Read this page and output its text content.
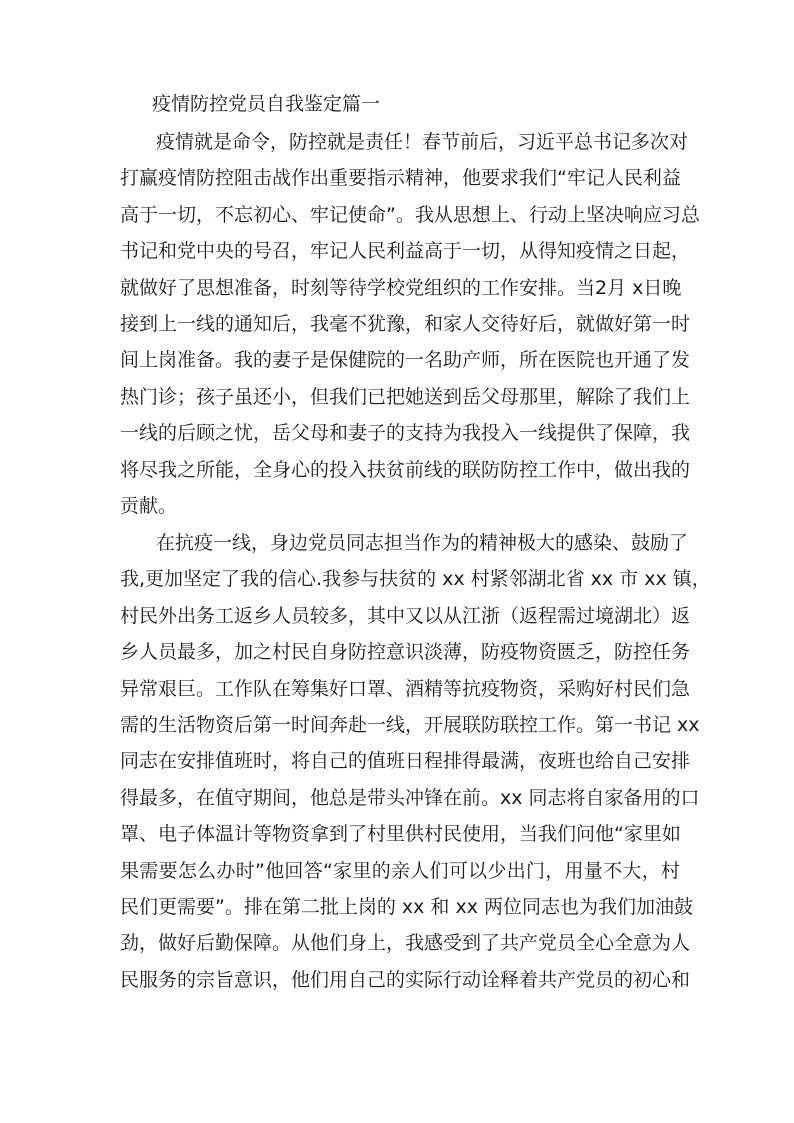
疫情防控党员自我鉴定篇一
疫情就是命令，防控就是责任！春节前后，习近平总书记多次对
打赢疫情防控阻击战作出重要指示精神，他要求我们“牢记人民利益
高于一切，不忘初心、牢记使命”。我从思想上、行动上坚决响应习总
书记和党中央的号召，牢记人民利益高于一切，从得知疫情之日起，
就做好了思想准备，时刻等待学校党组织的工作安排。当2月 x日晚
接到上一线的通知后，我毫不犹豫，和家人交待好后，就做好第一时
间上岗准备。我的妻子是保健院的一名助产师，所在医院也开通了发
热门诊；孩子虽还小，但我们已把她送到岳父母那里，解除了我们上
一线的后顾之忧，岳父母和妻子的支持为我投入一线提供了保障，我
将尽我之所能，全身心的投入扶贫前线的联防防控工作中，做出我的
贡献。
在抗疫一线，身边党员同志担当作为的精神极大的感染、鼓励了
我,更加坚定了我的信心.我参与扶贫的 xx 村紧邻湖北省 xx 市 xx 镇，
村民外出务工返乡人员较多，其中又以从江浙（返程需过境湖北）返
乡人员最多，加之村民自身防控意识淡薄，防疫物资匮乏，防控任务
异常艰巨。工作队在筹集好口罩、酒精等抗疫物资，采购好村民们急
需的生活物资后第一时间奔赴一线，开展联防联控工作。第一书记 xx
同志在安排值班时，将自己的值班日程排得最满，夜班也给自己安排
得最多，在值守期间，他总是带头冲锋在前。xx 同志将自家备用的口
罩、电子体温计等物资拿到了村里供村民使用，当我们问他“家里如
果需要怎么办时”他回答“家里的亲人们可以少出门，用量不大，村
民们更需要”。排在第二批上岗的 xx 和 xx 两位同志也为我们加油鼓
劲，做好后勤保障。从他们身上，我感受到了共产党员全心全意为人
民服务的宗旨意识，他们用自己的实际行动诠释着共产党员的初心和
